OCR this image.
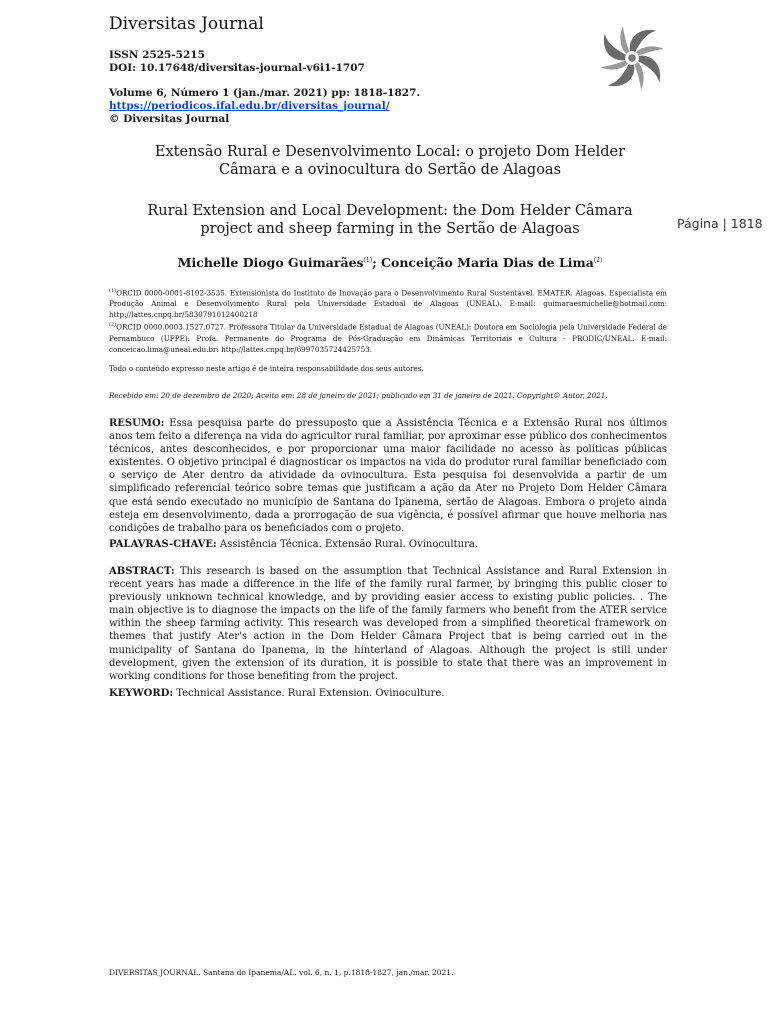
Diversitas Journal
ISSN 2525-5215
DOI: 10.17648/diversitas-journal-v6i1-1707
Volume 6, Número 1 (jan./mar. 2021) pp: 1818-1827.
https://periodicos.ifal.edu.br/diversitas_journal/
© Diversitas Journal
Página | 1818
Extensão Rural e Desenvolvimento Local: o projeto Dom Helder
Câmara e a ovinocultura do Sertão de Alagoas
Rural Extension and Local Development: the Dom Helder Câmara
project and sheep farming in the Sertão de Alagoas
Michelle Diogo Guimarães$^{(1)}$; Conceição Maria Dias de Lima$^{(2)}$
$^{(1)}$ORCID 0000-0001-8192-3535. Extensionista do Instituto de Inovação para o Desenvolvimento Rural Sustentável. EMATER. Alagoas. Especialista em Produção Animal e Desenvolvimento Rural pela Universidade Estadual de Alagoas (UNEAL). E-mail: guimaraesmichelle@hotmail.com: http://lattes.cnpq.br/5830791012400218
$^{(2)}$ORCID 0000.0003.1527.0727. Professora Titular da Universidade Estadual de Alagoas (UNEAL): Doutora em Sociologia pela Universidade Federal de Pernambuco (UFPE): Profa. Permanente do Programa de Pós-Graduação em Dinâmicas Territoriais e Cultura - PRODIC/UNEAL. E-mail: conceicao.lima@uneal.edu.br: http://lattes.cnpq.br/6997035724425753.
Todo o conteúdo expresso neste artigo é de inteira responsabilidade dos seus autores.
Recebido em: 20 de dezembro de 2020; Aceito em: 28 de janeiro de 2021; publicado em 31 de janeiro de 2021. Copyright© Autor, 2021.
RESUMO: Essa pesquisa parte do pressuposto que a Assistência Técnica e a Extensão Rural nos últimos anos tem feito a diferença na vida do agricultor rural familiar, por aproximar esse público dos conhecimentos técnicos, antes desconhecidos, e por proporcionar uma maior facilidade no acesso às políticas públicas existentes. O objetivo principal é diagnosticar os impactos na vida do produtor rural familiar beneficiado com o serviço de Ater dentro da atividade da ovinocultura. Esta pesquisa foi desenvolvida a partir de um simplificado referencial teórico sobre temas que justificam a ação da Ater no Projeto Dom Helder Câmara que está sendo executado no município de Santana do Ipanema, sertão de Alagoas. Embora o projeto ainda esteja em desenvolvimento, dada a prorrogação de sua vigência, é possível afirmar que houve melhoria nas condições de trabalho para os beneficiados com o projeto.
PALAVRAS-CHAVE: Assistência Técnica. Extensão Rural. Ovinocultura.
ABSTRACT: This research is based on the assumption that Technical Assistance and Rural Extension in recent years has made a difference in the life of the family rural farmer, by bringing this public closer to previously unknown technical knowledge, and by providing easier access to existing public policies. . The main objective is to diagnose the impacts on the life of the family farmers who benefit from the ATER service within the sheep farming activity. This research was developed from a simplified theoretical framework on themes that justify Ater's action in the Dom Helder Câmara Project that is being carried out in the municipality of Santana do Ipanema, in the hinterland of Alagoas. Although the project is still under development, given the extension of its duration, it is possible to state that there was an improvement in working conditions for those benefiting from the project.
KEYWORD: Technical Assistance. Rural Extension. Ovinoculture.
DIVERSITAS JOURNAL. Santana do Ipanema/AL. vol. 6, n. 1, p.1818-1827, jan./mar. 2021.
